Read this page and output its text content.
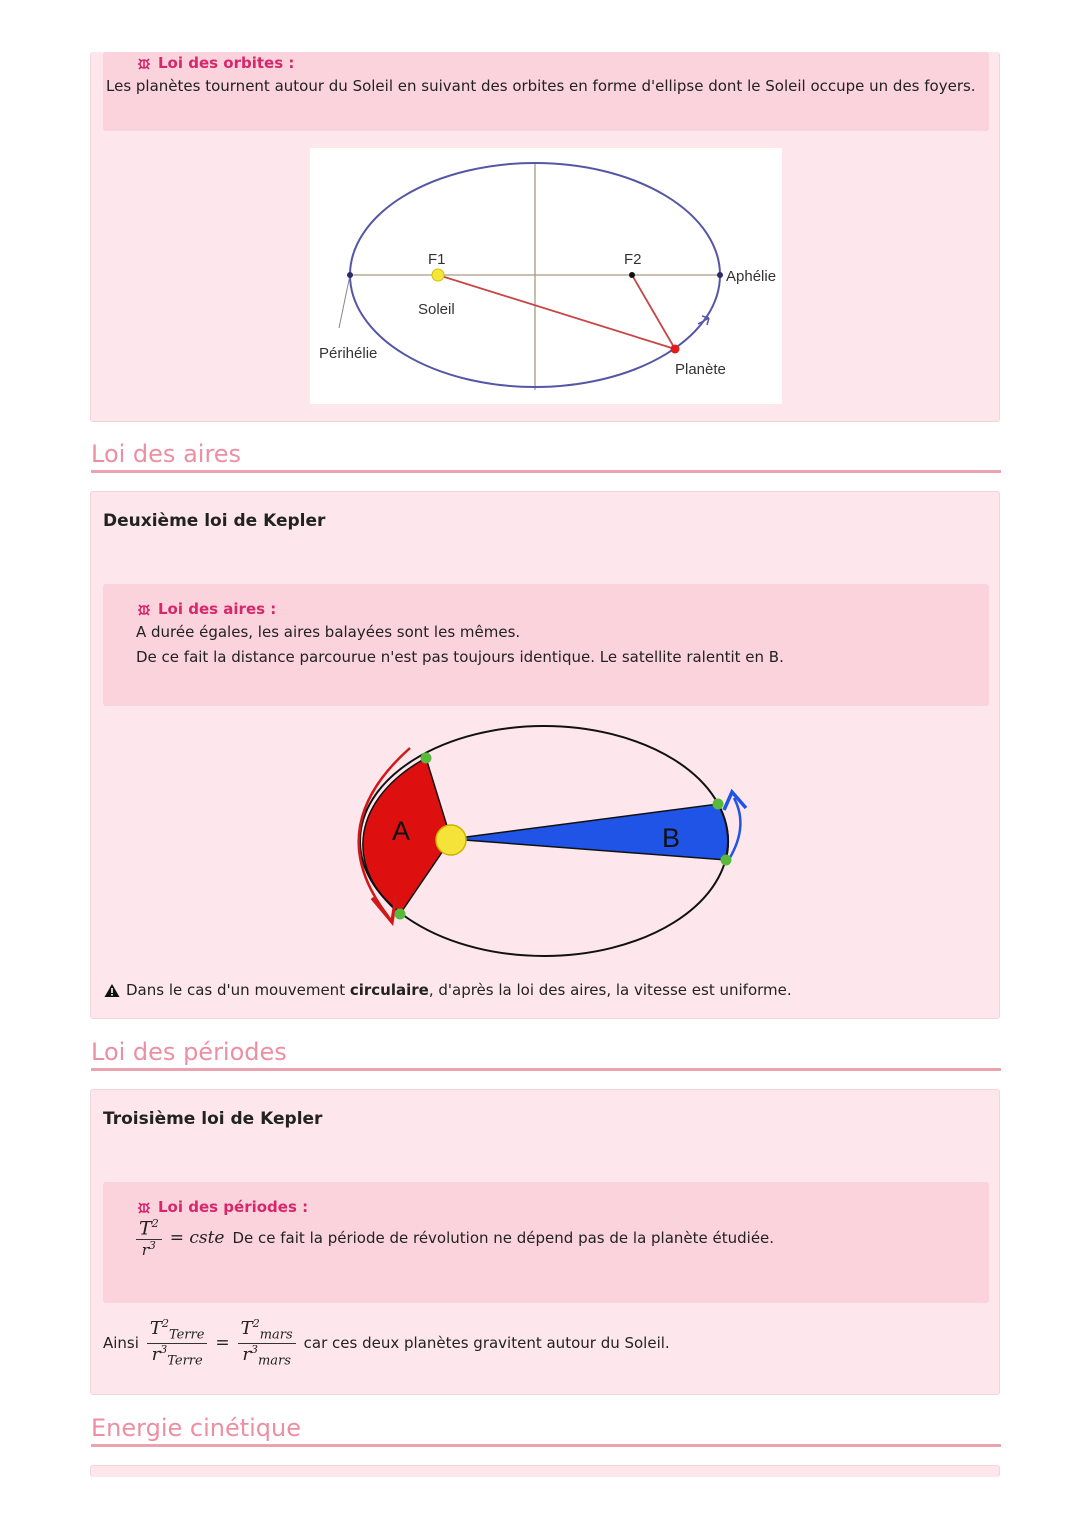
Loi des orbites :
Les planètes tournent autour du Soleil en suivant des orbites en forme d'ellipse dont le Soleil occupe un des foyers.
F1	F2
Soleil
Aphélie
Périhélie
Planète
Loi des aires
Deuxième loi de Kepler
Loi des aires :
A durée égales, les aires balayées sont les mêmes.
De ce fait la distance parcourue n'est pas toujours identique. Le satellite ralentit en B.
A	B
Dans le cas d'un mouvement circulaire, d'après la loi des aires, la vitesse est uniforme.
Loi des périodes
Troisième loi de Kepler
Loi des périodes :
$\frac{T^2}{r^3}$ = cste De ce fait la période de révolution ne dépend pas de la planète étudiée.
Ainsi $\frac{T^2_{Terre}}{r^3_{Terre}} = \frac{T^2_{mars}}{r^3_{mars}}$ car ces deux planètes gravitent autour du Soleil.
Energie cinétique
